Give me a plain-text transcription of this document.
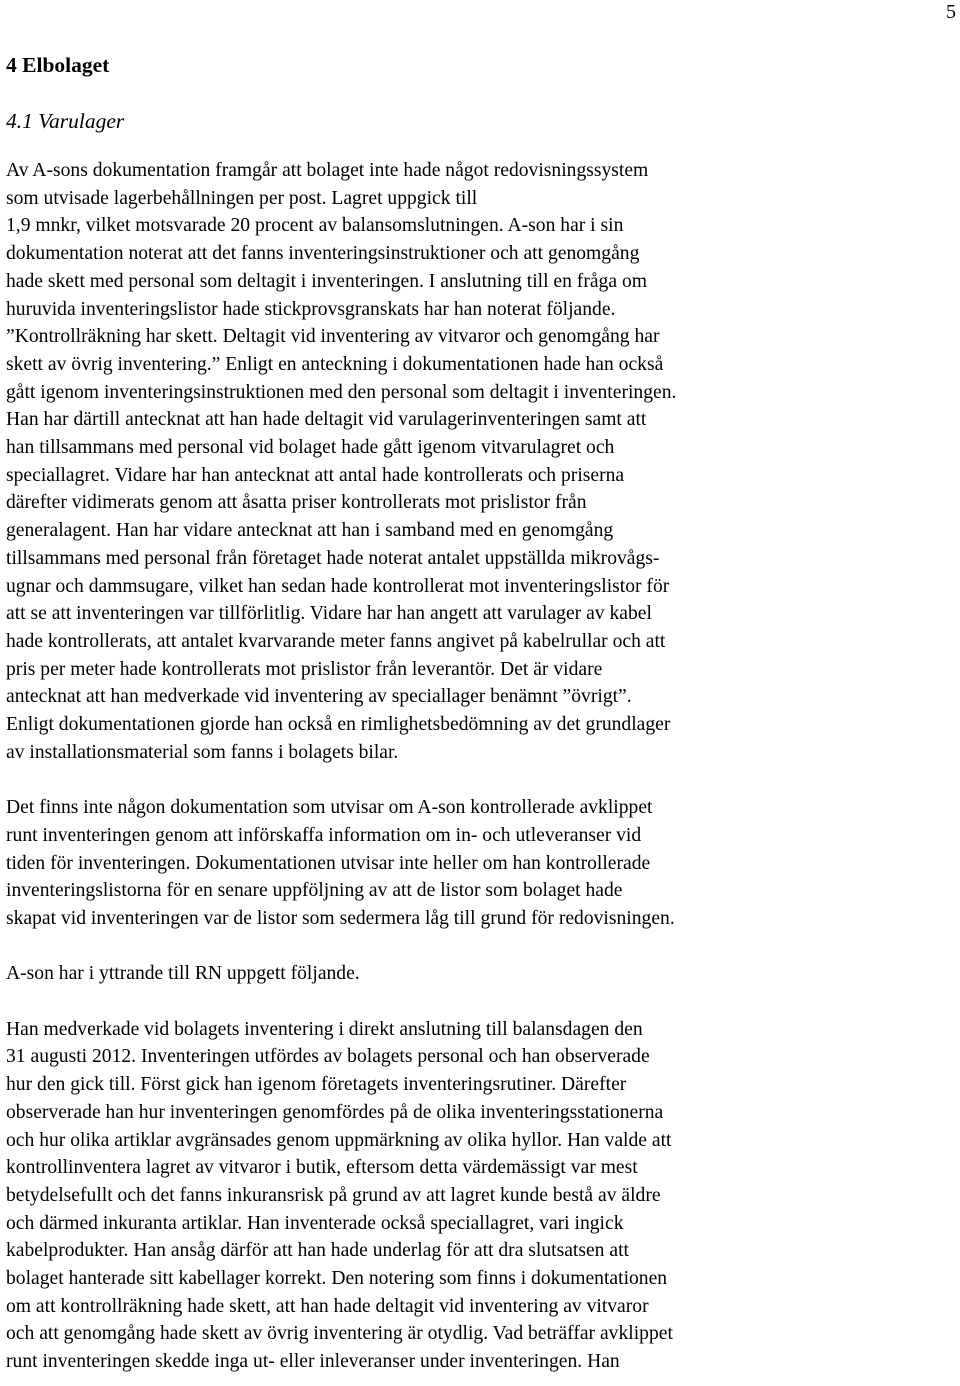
5
4 Elbolaget
4.1 Varulager

Av A-sons dokumentation framgår att bolaget inte hade något redovisningssystem
som utvisade lagerbehållningen per post. Lagret uppgick till
1,9 mnkr, vilket motsvarade 20 procent av balansomslutningen. A-son har i sin
dokumentation noterat att det fanns inventeringsinstruktioner och att genomgång
hade skett med personal som deltagit i inventeringen. I anslutning till en fråga om
huruvida inventeringslistor hade stickprovsgranskats har han noterat följande.
”Kontrollräkning har skett. Deltagit vid inventering av vitvaror och genomgång har
skett av övrig inventering.” Enligt en anteckning i dokumentationen hade han också
gått igenom inventeringsinstruktionen med den personal som deltagit i inventeringen.
Han har därtill antecknat att han hade deltagit vid varulagerinventeringen samt att
han tillsammans med personal vid bolaget hade gått igenom vitvarulagret och
speciallagret. Vidare har han antecknat att antal hade kontrollerats och priserna
därefter vidimerats genom att åsatta priser kontrollerats mot prislistor från
generalagent. Han har vidare antecknat att han i samband med en genomgång
tillsammans med personal från företaget hade noterat antalet uppställda mikrovågs-
ugnar och dammsugare, vilket han sedan hade kontrollerat mot inventeringslistor för
att se att inventeringen var tillförlitlig. Vidare har han angett att varulager av kabel
hade kontrollerats, att antalet kvarvarande meter fanns angivet på kabelrullar och att
pris per meter hade kontrollerats mot prislistor från leverantör. Det är vidare
antecknat att han medverkade vid inventering av speciallager benämnt ”övrigt”.
Enligt dokumentationen gjorde han också en rimlighetsbedömning av det grundlager
av installationsmaterial som fanns i bolagets bilar.

Det finns inte någon dokumentation som utvisar om A-son kontrollerade avklippet
runt inventeringen genom att införskaffa information om in- och utleveranser vid
tiden för inventeringen. Dokumentationen utvisar inte heller om han kontrollerade
inventeringslistorna för en senare uppföljning av att de listor som bolaget hade
skapat vid inventeringen var de listor som sedermera låg till grund för redovisningen.

A-son har i yttrande till RN uppgett följande.

Han medverkade vid bolagets inventering i direkt anslutning till balansdagen den
31 augusti 2012. Inventeringen utfördes av bolagets personal och han observerade
hur den gick till. Först gick han igenom företagets inventeringsrutiner. Därefter
observerade han hur inventeringen genomfördes på de olika inventeringsstationerna
och hur olika artiklar avgränsades genom uppmärkning av olika hyllor. Han valde att
kontrollinventera lagret av vitvaror i butik, eftersom detta värdemässigt var mest
betydelsefullt och det fanns inkuransrisk på grund av att lagret kunde bestå av äldre
och därmed inkuranta artiklar. Han inventerade också speciallagret, vari ingick
kabelprodukter. Han ansåg därför att han hade underlag för att dra slutsatsen att
bolaget hanterade sitt kabellager korrekt. Den notering som finns i dokumentationen
om att kontrollräkning hade skett, att han hade deltagit vid inventering av vitvaror
och att genomgång hade skett av övrig inventering är otydlig. Vad beträffar avklippet
runt inventeringen skedde inga ut- eller inleveranser under inventeringen. Han
